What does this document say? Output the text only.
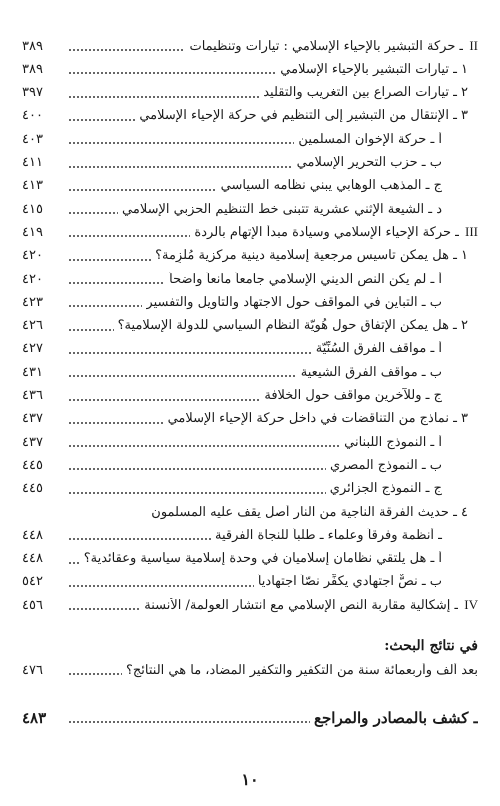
II
ـ حركة التبشير بالإحياء الإسلامي : تيارات وتنظيمات
٣٨٩
١ ـ تيارات التبشير بالإحياء الإسلامي
٣٨٩
٢ ـ تيارات الصراع بين التغريب والتقليد
٣٩٧
٣ ـ الإنتقال من التبشير إلى التنظيم في حركة الإحياء الإسلامي
٤٠٠
أ ـ حركة الإخوان المسلمين
٤٠٣
ب ـ حزب التحرير الإسلامي
٤١١
ج ـ المذهب الوهابي يبني نظامه السياسي
٤١٣
د ـ الشيعة الإثني عشرية تتبنى خط التنظيم الحزبي الإسلامي
٤١٥
III
ـ حركة الإحياء الإسلامي وسيادة مبدأ الإتهام بالردة
٤١٩
١ ـ هل يمكن تأسيس مرجعية إسلامية دينية مركزية مُلزِمة؟
٤٢٠
أ ـ لم يكن النص الديني الإسلامي جامعاً مانعاً واضحاً
٤٢٠
ب ـ التباين في المواقف حول الاجتهاد والتأويل والتفسير
٤٢٣
٢ ـ هل يمكن الإتفاق حول هُويّة النظام السياسي للدولة الإسلامية؟
٤٢٦
أ ـ مواقف الفرق السُنِّيّة
٤٢٧
ب ـ مواقف الفرق الشيعية
٤٣١
ج ـ وللآخرين مواقف حول الخلافة
٤٣٦
٣ ـ نماذج من التناقضات في داخل حركة الإحياء الإسلامي
٤٣٧
أ ـ النموذج اللبناني
٤٣٧
ب ـ النموذج المصري
٤٤٥
ج ـ النموذج الجزائري
٤٤٥
٤ ـ حديث الفرقة الناجية من النار أصل يقف عليه المسلمون
ـ أنظمة وفرقاً وعلماء ـ طلباً للنجاة الفرقية
٤٤٨
أ ـ هل يلتقي نظامان إسلاميان في وحدة إسلامية سياسية وعقائدية؟
٤٤٨
ب ـ نصٌّ اجتهادي يكفِّر نصّاً اجتهادياً
٥٤٢
IV
ـ إشكالية مقاربة النص الإسلامي مع انتشار العولمة/ الأنسنة
٤٥٦
في نتائج البحث:
بعد ألف وأربعمائة سنة من التكفير والتكفير المضاد، ما هي النتائج؟
٤٧٦
ـ كشف بالمصادر والمراجع
٤٨٣
١٠
